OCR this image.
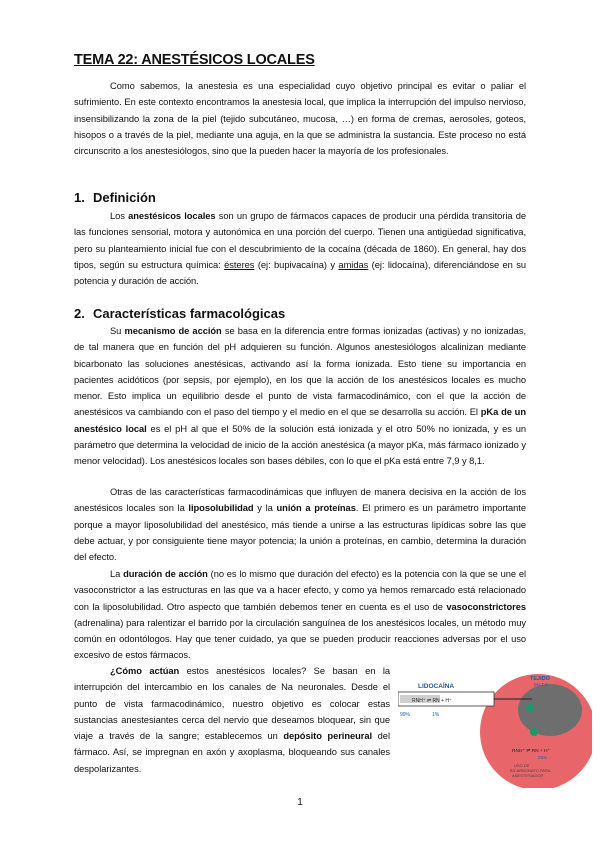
TEMA 22: ANESTÉSICOS LOCALES

Como sabemos, la anestesia es una especialidad cuyo objetivo principal es evitar o paliar el sufrimiento. En este contexto encontramos la anestesia local, que implica la interrupción del impulso nervioso, insensibilizando la zona de la piel (tejido subcutáneo, mucosa, …) en forma de cremas, aerosoles, goteos, hisopos o a través de la piel, mediante una aguja, en la que se administra la sustancia. Este proceso no está circunscrito a los anestesiólogos, sino que la pueden hacer la mayoría de los profesionales.

1. Definición

Los anestésicos locales son un grupo de fármacos capaces de producir una pérdida transitoria de las funciones sensorial, motora y autonómica en una porción del cuerpo. Tienen una antigüedad significativa, pero su planteamiento inicial fue con el descubrimiento de la cocaína (década de 1860). En general, hay dos tipos, según su estructura química: ésteres (ej: bupivacaína) y amidas (ej: lidocaína), diferenciándose en su potencia y duración de acción.

2. Características farmacológicas

Su mecanismo de acción se basa en la diferencia entre formas ionizadas (activas) y no ionizadas, de tal manera que en función del pH adquieren su función. Algunos anestesiólogos alcalinizan mediante bicarbonato las soluciones anestésicas, activando así la forma ionizada. Esto tiene su importancia en pacientes acidóticos (por sepsis, por ejemplo), en los que la acción de los anestésicos locales es mucho menor. Esto implica un equilibrio desde el punto de vista farmacodinámico, con el que la acción de anestésicos va cambiando con el paso del tiempo y el medio en el que se desarrolla su acción. El pKa de un anestésico local es el pH al que el 50% de la solución está ionizada y el otro 50% no ionizada, y es un parámetro que determina la velocidad de inicio de la acción anestésica (a mayor pKa, más fármaco ionizado y menor velocidad). Los anestésicos locales son bases débiles, con lo que el pKa está entre 7,9 y 8,1.

Otras de las características farmacodinámicas que influyen de manera decisiva en la acción de los anestésicos locales son la liposolubilidad y la unión a proteínas. El primero es un parámetro importante porque a mayor liposolubilidad del anestésico, más tiende a unirse a las estructuras lipídicas sobre las que debe actuar, y por consiguiente tiene mayor potencia; la unión a proteínas, en cambio, determina la duración del efecto.

La duración de acción (no es lo mismo que duración del efecto) es la potencia con la que se une el vasoconstrictor a las estructuras en las que va a hacer efecto, y como ya hemos remarcado está relacionado con la liposolubilidad. Otro aspecto que también debemos tener en cuenta es el uso de vasoconstrictores (adrenalina) para ralentizar el barrido por la circulación sanguínea de los anestésicos locales, un método muy común en odontólogos. Hay que tener cuidado, ya que se pueden producir reacciones adversas por el uso excesivo de estos fármacos.

¿Cómo actúan estos anestésicos locales? Se basan en la interrupción del intercambio en los canales de Na neuronales. Desde el punto de vista farmacodinámico, nuestro objetivo es colocar estas sustancias anestesiantes cerca del nervio que deseamos bloquear, sin que viaje a través de la sangre; establecemos un depósito perineural del fármaco. Así, se impregnan en axón y axoplasma, bloqueando sus canales despolarizantes.

LIDOCAÍNA
RNH⁺ ⇌ RN + H⁺
99%	1%
TEJIDO
pH 7.4
RNH⁺ ⇌ RN + H⁺
25%
USO DE
BICARBONATO PARA
ANESTESIADOR
1
